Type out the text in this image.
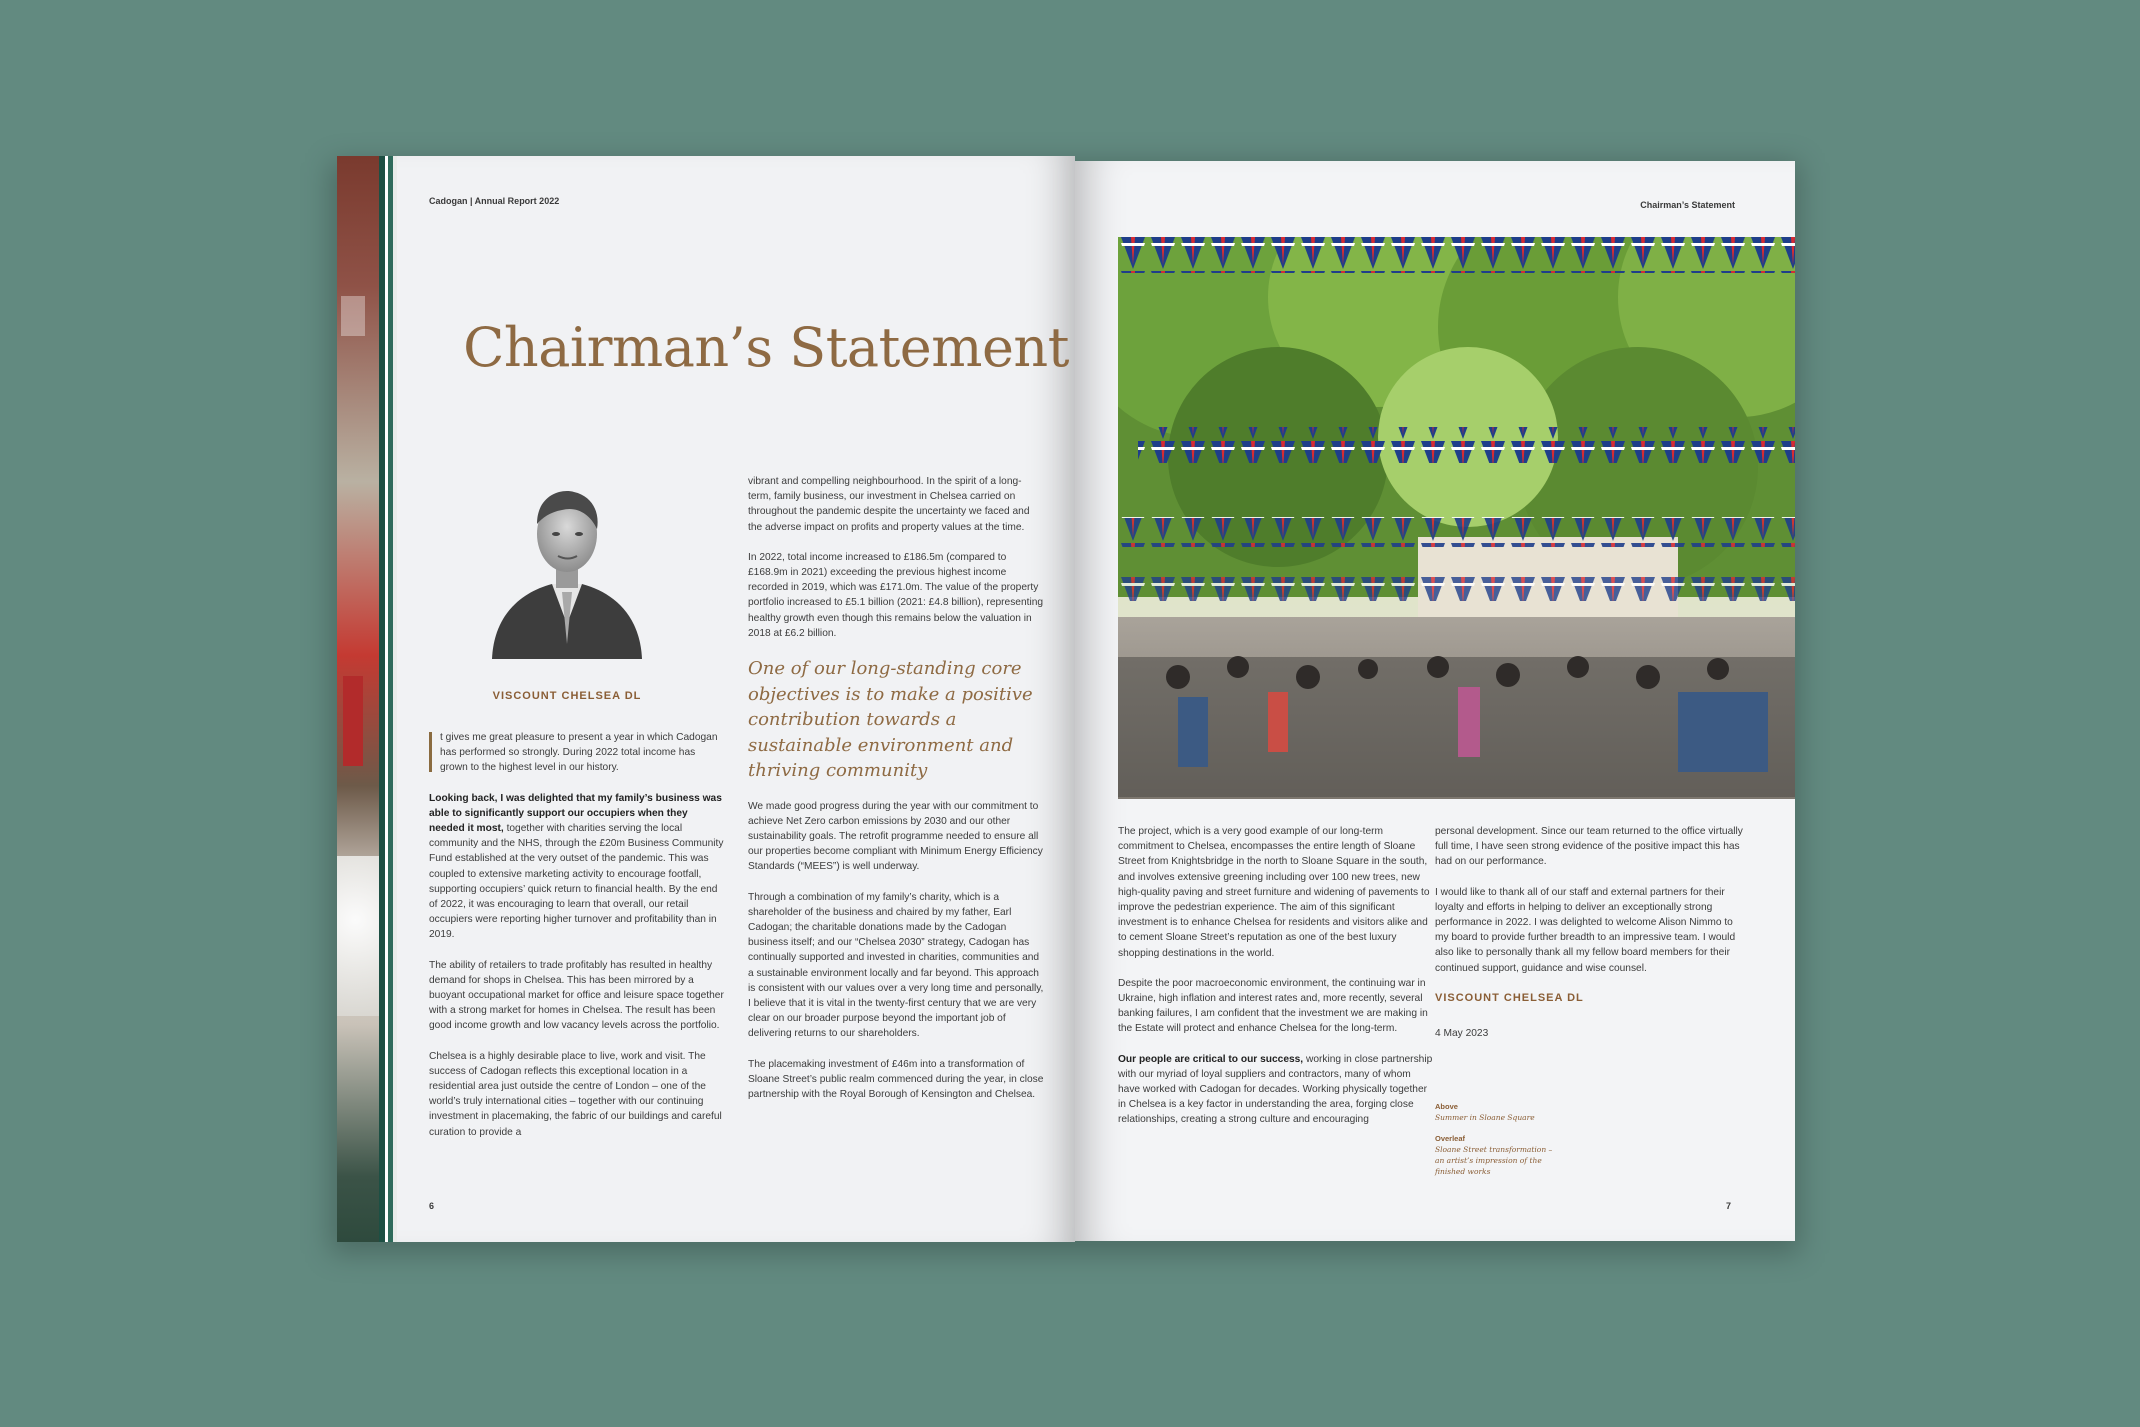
Cadogan | Annual Report 2022
Chairman’s Statement
VISCOUNT CHELSEA DL

t gives me great pleasure to present a year in which Cadogan has performed so strongly. During 2022 total income has grown to the highest level in our history.

Looking back, I was delighted that my family’s business was able to significantly support our occupiers when they needed it most, together with charities serving the local community and the NHS, through the £20m Business Community Fund established at the very outset of the pandemic. This was coupled to extensive marketing activity to encourage footfall, supporting occupiers’ quick return to financial health. By the end of 2022, it was encouraging to learn that overall, our retail occupiers were reporting higher turnover and profitability than in 2019.

The ability of retailers to trade profitably has resulted in healthy demand for shops in Chelsea. This has been mirrored by a buoyant occupational market for office and leisure space together with a strong market for homes in Chelsea. The result has been good income growth and low vacancy levels across the portfolio.

Chelsea is a highly desirable place to live, work and visit. The success of Cadogan reflects this exceptional location in a residential area just outside the centre of London – one of the world’s truly international cities – together with our continuing investment in placemaking, the fabric of our buildings and careful curation to provide a

vibrant and compelling neighbourhood. In the spirit of a long-term, family business, our investment in Chelsea carried on throughout the pandemic despite the uncertainty we faced and the adverse impact on profits and property values at the time.

In 2022, total income increased to £186.5m (compared to £168.9m in 2021) exceeding the previous highest income recorded in 2019, which was £171.0m. The value of the property portfolio increased to £5.1 billion (2021: £4.8 billion), representing healthy growth even though this remains below the valuation in 2018 at £6.2 billion.

One of our long-standing core objectives is to make a positive contribution towards a sustainable environment and thriving community

We made good progress during the year with our commitment to achieve Net Zero carbon emissions by 2030 and our other sustainability goals. The retrofit programme needed to ensure all our properties become compliant with Minimum Energy Efficiency Standards (“MEES”) is well underway.

Through a combination of my family’s charity, which is a shareholder of the business and chaired by my father, Earl Cadogan; the charitable donations made by the Cadogan business itself; and our “Chelsea 2030” strategy, Cadogan has continually supported and invested in charities, communities and a sustainable environment locally and far beyond. This approach is consistent with our values over a very long time and personally, I believe that it is vital in the twenty-first century that we are very clear on our broader purpose beyond the important job of delivering returns to our shareholders.

The placemaking investment of £46m into a transformation of Sloane Street’s public realm commenced during the year, in close partnership with the Royal Borough of Kensington and Chelsea.

6
Chairman’s Statement

The project, which is a very good example of our long-term commitment to Chelsea, encompasses the entire length of Sloane Street from Knightsbridge in the north to Sloane Square in the south, and involves extensive greening including over 100 new trees, new high-quality paving and street furniture and widening of pavements to improve the pedestrian experience. The aim of this significant investment is to enhance Chelsea for residents and visitors alike and to cement Sloane Street’s reputation as one of the best luxury shopping destinations in the world.

Despite the poor macroeconomic environment, the continuing war in Ukraine, high inflation and interest rates and, more recently, several banking failures, I am confident that the investment we are making in the Estate will protect and enhance Chelsea for the long-term.

Our people are critical to our success, working in close partnership with our myriad of loyal suppliers and contractors, many of whom have worked with Cadogan for decades. Working physically together in Chelsea is a key factor in understanding the area, forging close relationships, creating a strong culture and encouraging

personal development. Since our team returned to the office virtually full time, I have seen strong evidence of the positive impact this has had on our performance.

I would like to thank all of our staff and external partners for their loyalty and efforts in helping to deliver an exceptionally strong performance in 2022. I was delighted to welcome Alison Nimmo to my board to provide further breadth to an impressive team. I would also like to personally thank all my fellow board members for their continued support, guidance and wise counsel.

VISCOUNT CHELSEA DL

4 May 2023

Above
Summer in Sloane Square
Overleaf
Sloane Street transformation –
an artist’s impression of the
finished works
7
